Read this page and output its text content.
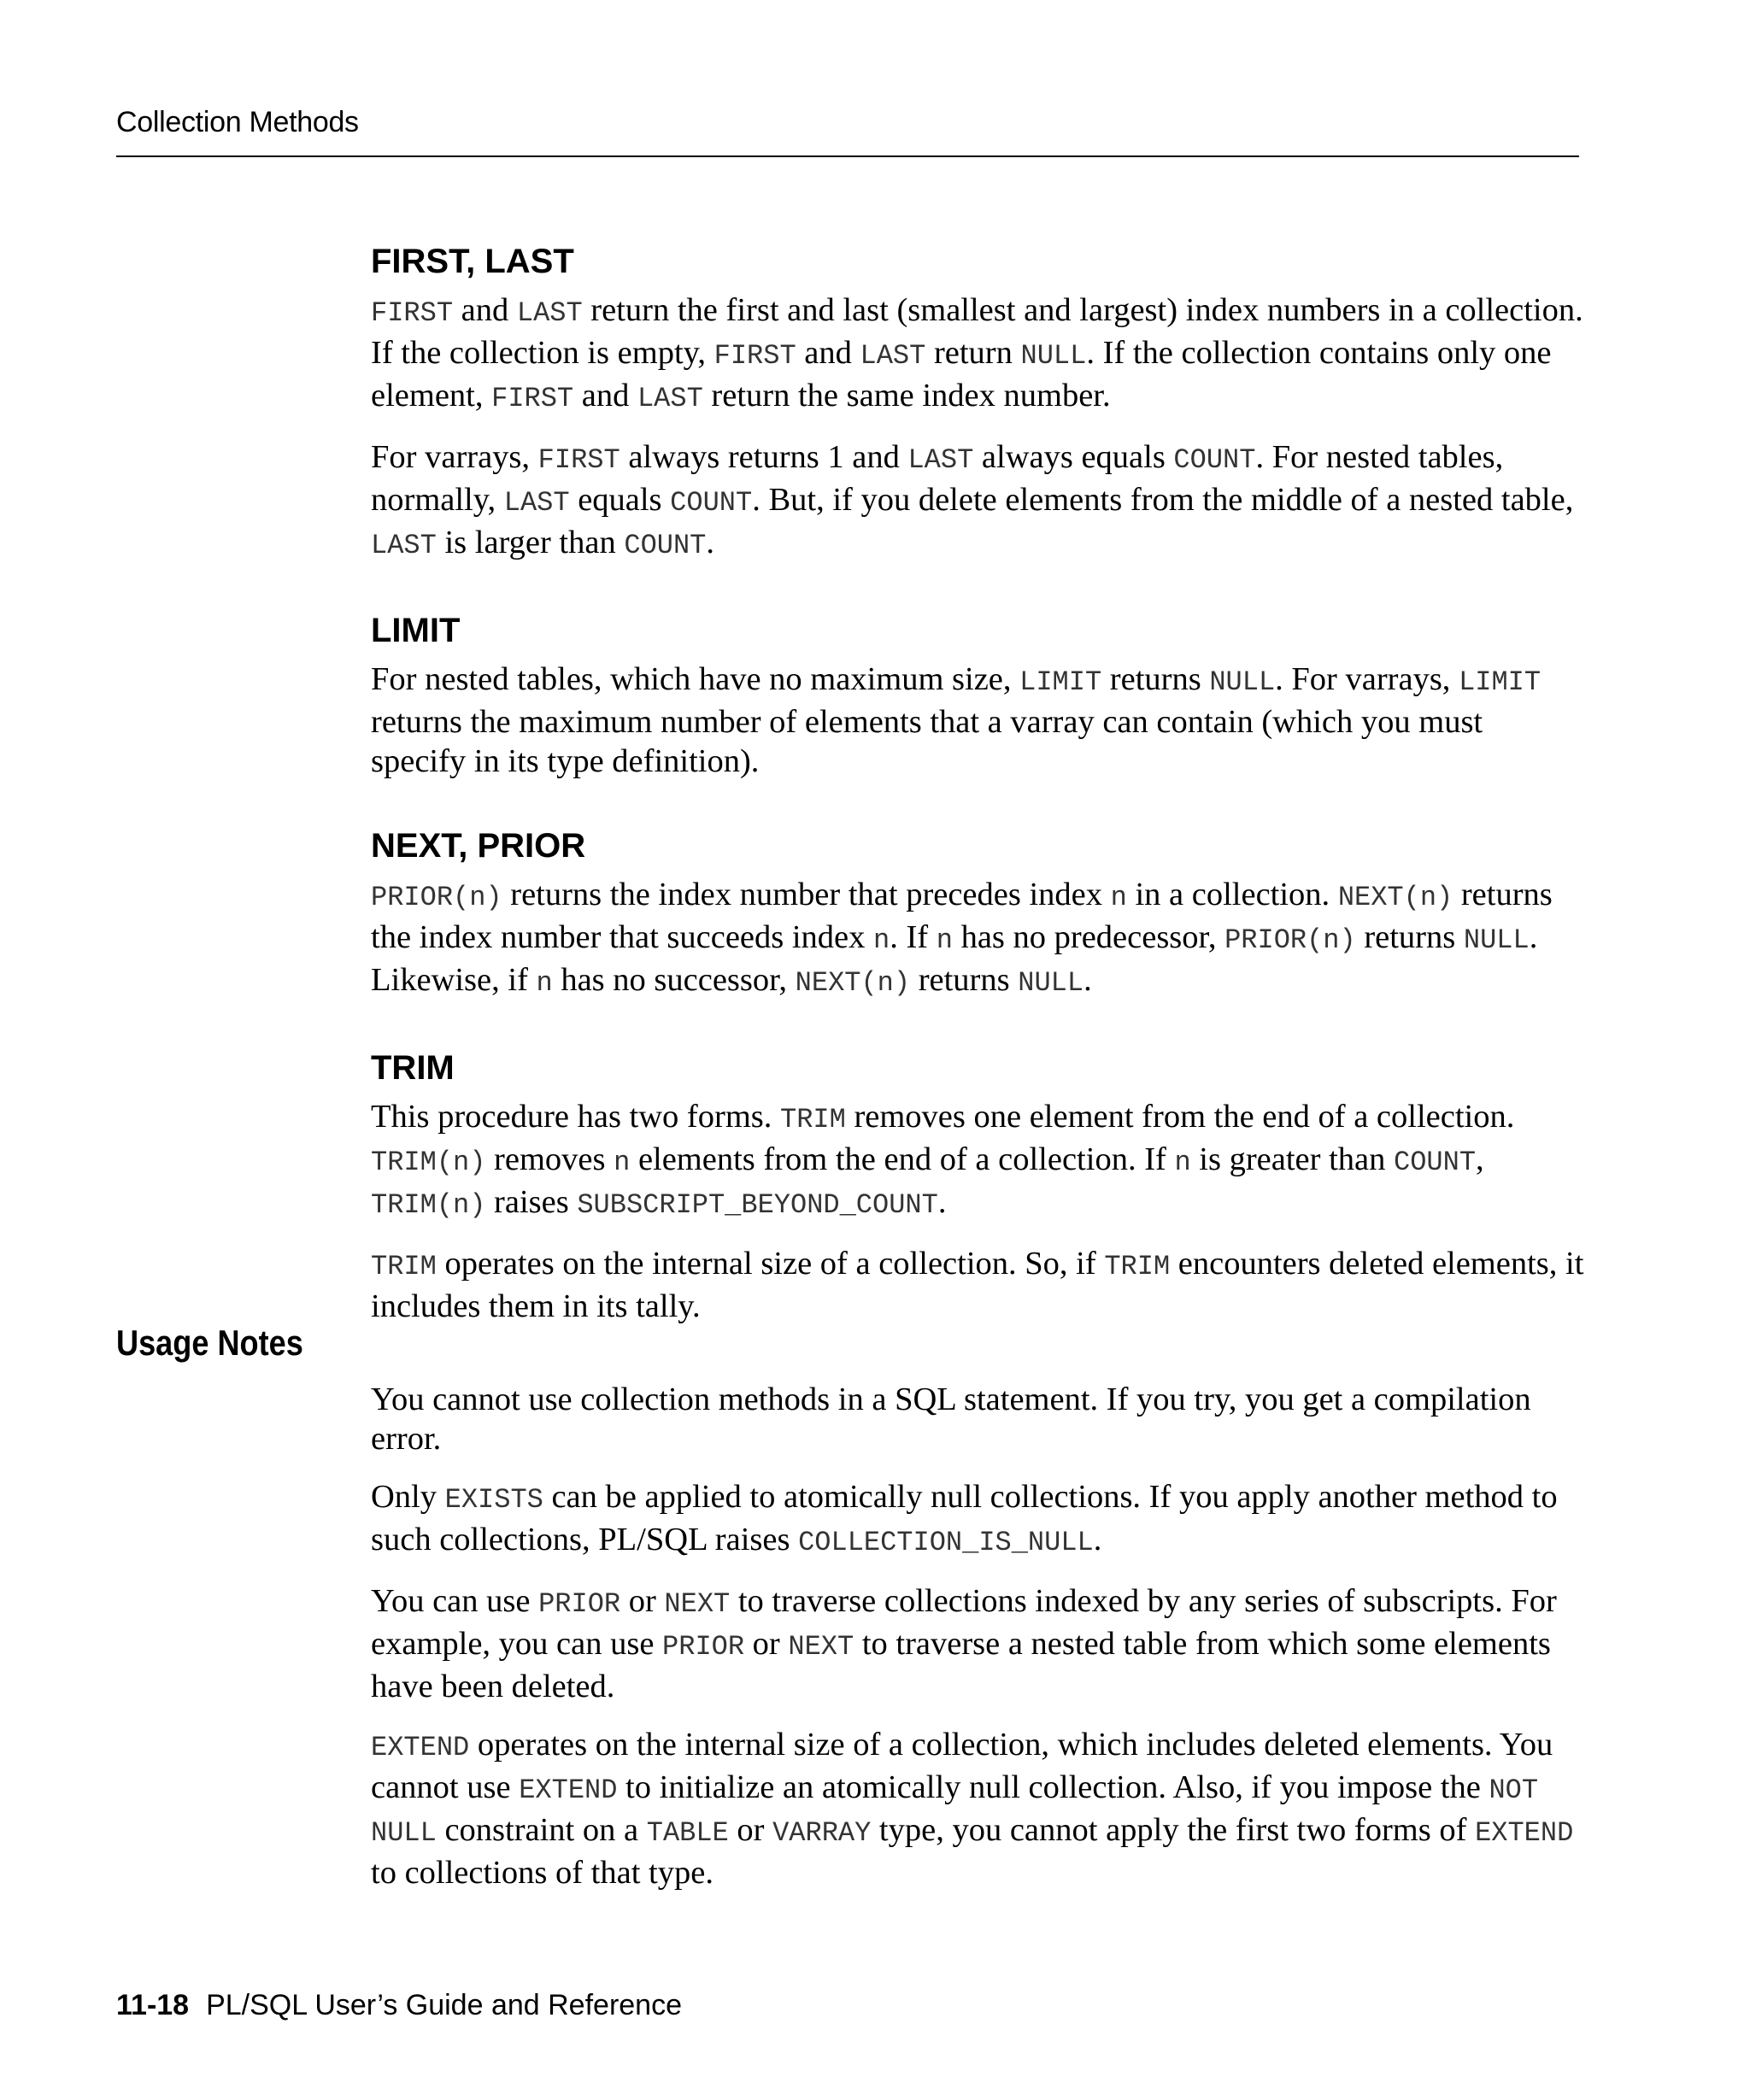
Collection Methods
FIRST, LAST

FIRST and LAST return the first and last (smallest and largest) index numbers in a collection. If the collection is empty, FIRST and LAST return NULL. If the collection contains only one element, FIRST and LAST return the same index number.

For varrays, FIRST always returns 1 and LAST always equals COUNT. For nested tables, normally, LAST equals COUNT. But, if you delete elements from the middle of a nested table, LAST is larger than COUNT.

LIMIT

For nested tables, which have no maximum size, LIMIT returns NULL. For varrays, LIMIT returns the maximum number of elements that a varray can contain (which you must specify in its type definition).

NEXT, PRIOR

PRIOR(n) returns the index number that precedes index n in a collection. NEXT(n) returns the index number that succeeds index n. If n has no predecessor, PRIOR(n) returns NULL. Likewise, if n has no successor, NEXT(n) returns NULL.

TRIM

This procedure has two forms. TRIM removes one element from the end of a collection. TRIM(n) removes n elements from the end of a collection. If n is greater than COUNT, TRIM(n) raises SUBSCRIPT_BEYOND_COUNT.

TRIM operates on the internal size of a collection. So, if TRIM encounters deleted elements, it includes them in its tally.

Usage Notes

You cannot use collection methods in a SQL statement. If you try, you get a compilation error.

Only EXISTS can be applied to atomically null collections. If you apply another method to such collections, PL/SQL raises COLLECTION_IS_NULL.

You can use PRIOR or NEXT to traverse collections indexed by any series of subscripts. For example, you can use PRIOR or NEXT to traverse a nested table from which some elements have been deleted.

EXTEND operates on the internal size of a collection, which includes deleted elements. You cannot use EXTEND to initialize an atomically null collection. Also, if you impose the NOT NULL constraint on a TABLE or VARRAY type, you cannot apply the first two forms of EXTEND to collections of that type.

11-18 PL/SQL User’s Guide and Reference
